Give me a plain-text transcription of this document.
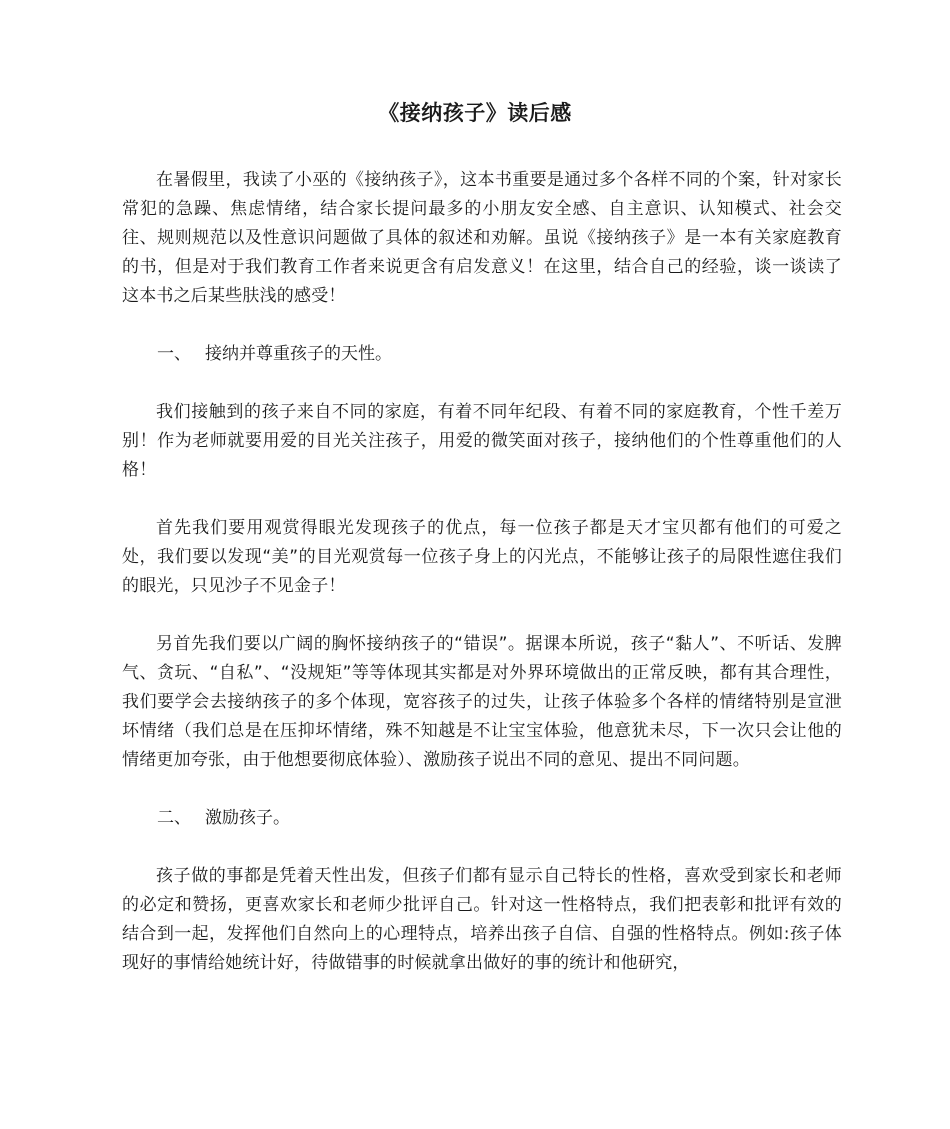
《接纳孩子》读后感

在暑假里，我读了小巫的《接纳孩子》，这本书重要是通过多个各样不同的个案，针对家长常犯的急躁、焦虑情绪，结合家长提问最多的小朋友安全感、自主意识、认知模式、社会交往、规则规范以及性意识问题做了具体的叙述和劝解。虽说《接纳孩子》是一本有关家庭教育的书，但是对于我们教育工作者来说更含有启发意义！在这里，结合自己的经验，谈一谈读了这本书之后某些肤浅的感受！

一、 接纳并尊重孩子的天性。

我们接触到的孩子来自不同的家庭，有着不同年纪段、有着不同的家庭教育，个性千差万别！作为老师就要用爱的目光关注孩子，用爱的微笑面对孩子，接纳他们的个性尊重他们的人格！

首先我们要用观赏得眼光发现孩子的优点，每一位孩子都是天才宝贝都有他们的可爱之处，我们要以发现“美”的目光观赏每一位孩子身上的闪光点，不能够让孩子的局限性遮住我们的眼光，只见沙子不见金子！

另首先我们要以广阔的胸怀接纳孩子的“错误”。据课本所说，孩子“黏人”、不听话、发脾气、贪玩、“自私”、“没规矩”等等体现其实都是对外界环境做出的正常反映，都有其合理性，我们要学会去接纳孩子的多个体现，宽容孩子的过失，让孩子体验多个各样的情绪特别是宣泄坏情绪（我们总是在压抑坏情绪，殊不知越是不让宝宝体验，他意犹未尽，下一次只会让他的情绪更加夸张，由于他想要彻底体验）、激励孩子说出不同的意见、提出不同问题。

二、 激励孩子。

孩子做的事都是凭着天性出发，但孩子们都有显示自己特长的性格，喜欢受到家长和老师的必定和赞扬，更喜欢家长和老师少批评自己。针对这一性格特点，我们把表彰和批评有效的结合到一起，发挥他们自然向上的心理特点，培养出孩子自信、自强的性格特点。例如:孩子体现好的事情给她统计好，待做错事的时候就拿出做好的事的统计和他研究，
